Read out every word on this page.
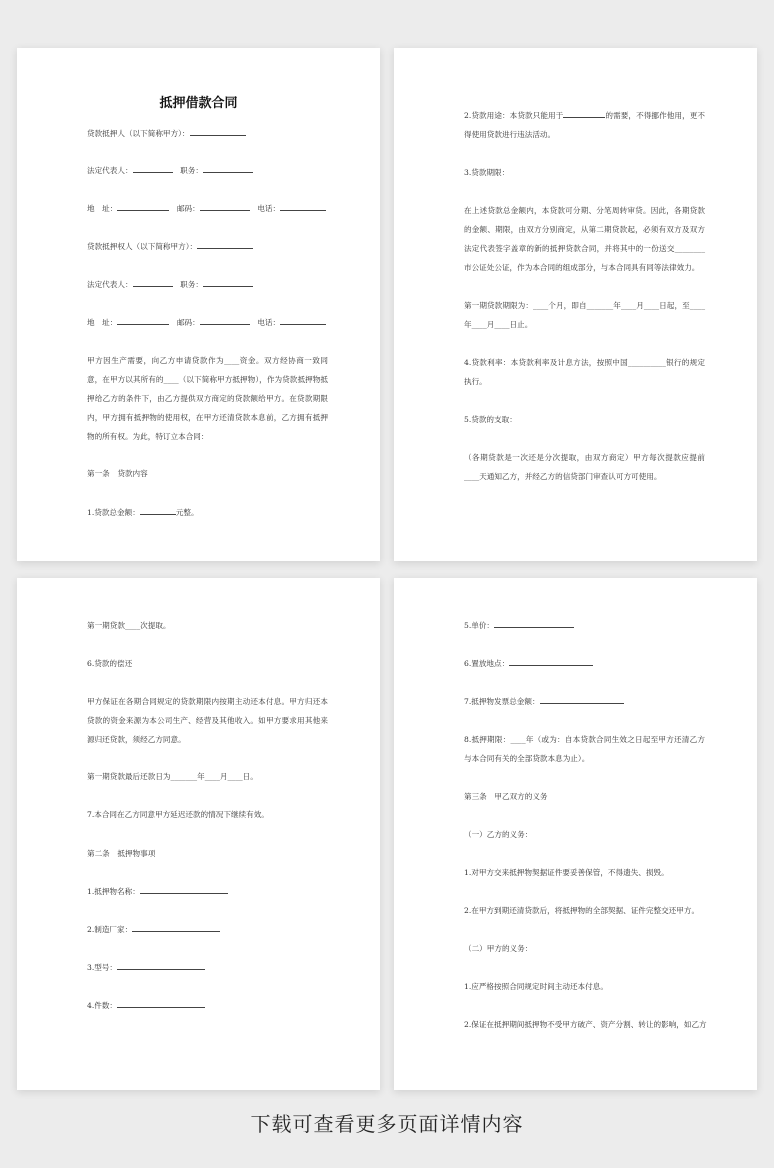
抵押借款合同
贷款抵押人（以下简称甲方）：
法定代表人：　	职务：
地　址：　	邮码：　	电话：
贷款抵押权人（以下简称甲方）：
法定代表人：　	职务：
地　址：　	邮码：　	电话：
甲方因生产需要，向乙方申请贷款作为____资金。双方经协商一致同意，在甲方以其所有的____（以下简称甲方抵押物），作为贷款抵押物抵押给乙方的条件下，由乙方提供双方商定的贷款额给甲方。在贷款期限内，甲方拥有抵押物的使用权，在甲方还清贷款本息前，乙方拥有抵押物的所有权。为此，特订立本合同：
第一条　贷款内容
1.贷款总金额：	元整。
2.贷款用途：本贷款只能用于	的需要，不得挪作他用，更不得使用贷款进行违法活动。
3.贷款期限：
在上述贷款总金额内，本贷款可分期、分笔周转审贷。因此，各期贷款的金额、期限，由双方分别商定，从第二期贷款起，必须有双方及双方法定代表签字盖章的新的抵押贷款合同，并将其中的一份送交________市公证处公证，作为本合同的组成部分，与本合同具有同等法律效力。
第一期贷款期限为：____个月，即自_______年____月____日起，至____年____月____日止。
4.贷款利率：本贷款利率及计息方法，按照中国__________银行的规定执行。
5.贷款的支取：
（各期贷款是一次还是分次提取，由双方商定）甲方每次提款应提前____天通知乙方，并经乙方的信贷部门审查认可方可使用。
第一期贷款____次提取。
6.贷款的偿还
甲方保证在各期合同规定的贷款期限内按期主动还本付息。甲方归还本贷款的资金来源为本公司生产、经营及其他收入。如甲方要求用其他来源归还贷款，须经乙方同意。
第一期贷款最后还款日为_______年____月____日。
7.本合同在乙方同意甲方延迟还款的情况下继续有效。
第二条　抵押物事项
1.抵押物名称：
2.制造厂家：
3.型号：
4.件数：
5.单价：
6.置放地点：
7.抵押物发票总金额：
8.抵押期限：____年（或为：自本贷款合同生效之日起至甲方还清乙方与本合同有关的全部贷款本息为止）。
第三条　甲乙双方的义务
（一）乙方的义务：
1.对甲方交来抵押物契据证件要妥善保管，不得遗失、损毁。
2.在甲方到期还清贷款后，将抵押物的全部契据、证件完整交还甲方。
（二）甲方的义务：
1.应严格按照合同规定时间主动还本付息。
2.保证在抵押期间抵押物不受甲方破产、资产分割、转让的影响，如乙方
下载可查看更多页面详情内容
